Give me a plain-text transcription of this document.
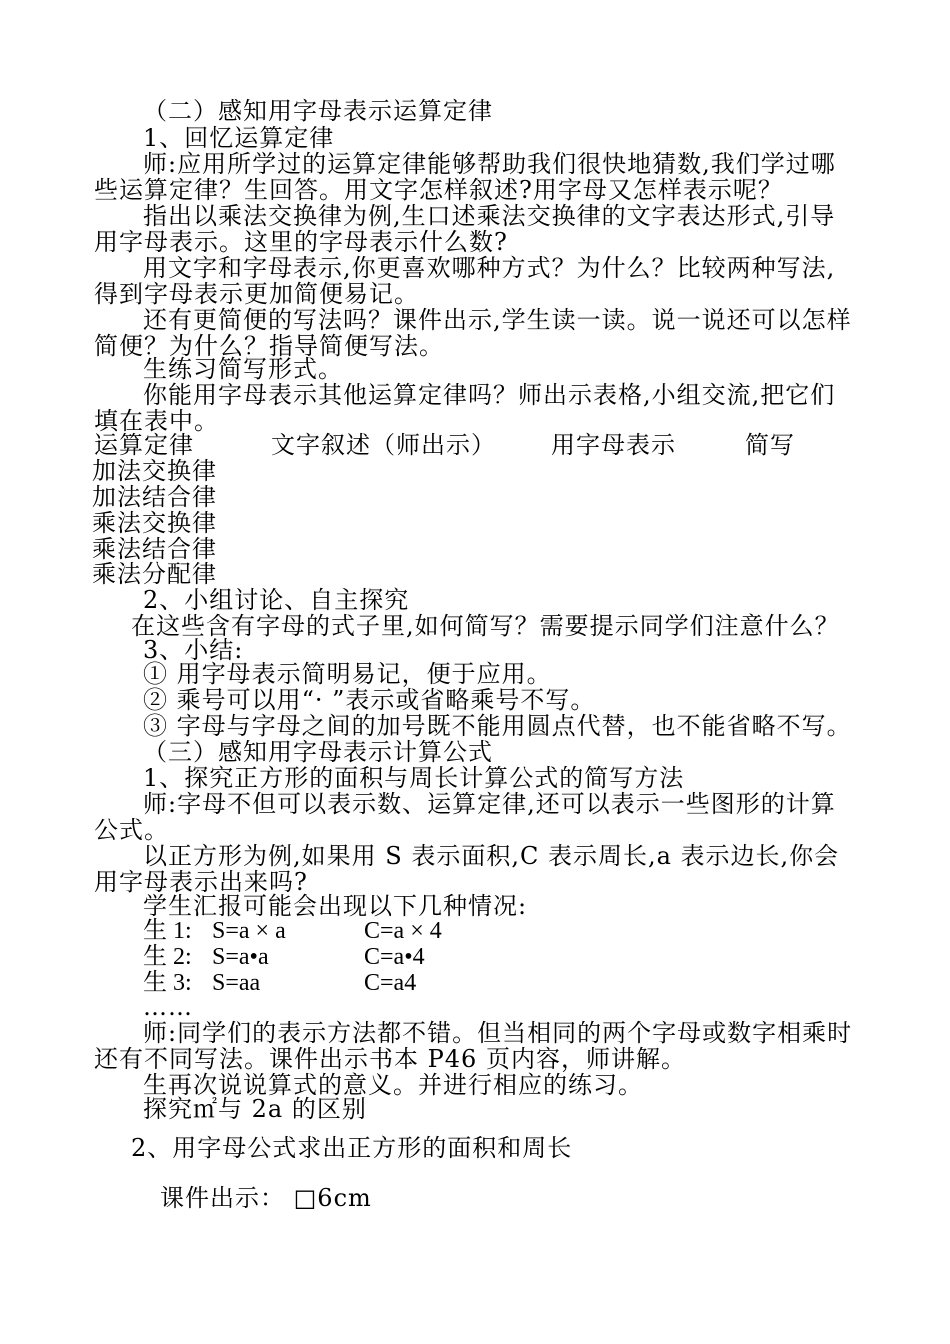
（二）感知用字母表示运算定律
1、回忆运算定律
师:应用所学过的运算定律能够帮助我们很快地猜数,我们学过哪
些运算定律？生回答。用文字怎样叙述?用字母又怎样表示呢？
指出以乘法交换律为例,生口述乘法交换律的文字表达形式,引导
用字母表示。这里的字母表示什么数?
用文字和字母表示,你更喜欢哪种方式？为什么？比较两种写法,
得到字母表示更加简便易记。
还有更简便的写法吗？课件出示,学生读一读。说一说还可以怎样
简便？为什么？指导简便写法。
生练习简写形式。
你能用字母表示其他运算定律吗？师出示表格,小组交流,把它们
填在表中。
运算定律	文字叙述（师出示） 用字母表示	简写
加法交换律
加法结合律
乘法交换律
乘法结合律
乘法分配律
2、小组讨论、自主探究
在这些含有字母的式子里,如何简写？需要提示同学们注意什么？
3、小结:
① 用字母表示简明易记，便于应用。
② 乘号可以用“· ”表示或省略乘号不写。
③ 字母与字母之间的加号既不能用圆点代替，也不能省略不写。
（三）感知用字母表示计算公式
1、探究正方形的面积与周长计算公式的简写方法
师:字母不但可以表示数、运算定律,还可以表示一些图形的计算
公式。
以正方形为例,如果用 S 表示面积,C 表示周长,a 表示边长,你会
用字母表示出来吗?
学生汇报可能会出现以下几种情况:
生 1: S=a × a	C=a × 4
生 2: S=a•a	C=a•4
生 3: S=aa	C=a4
……
师:同学们的表示方法都不错。但当相同的两个字母或数字相乘时
还有不同写法。课件出示书本 P46 页内容，师讲解。
生再次说说算式的意义。并进行相应的练习。
探究㎡与 2a 的区别
2、用字母公式求出正方形的面积和周长
课件出示： □6cm
